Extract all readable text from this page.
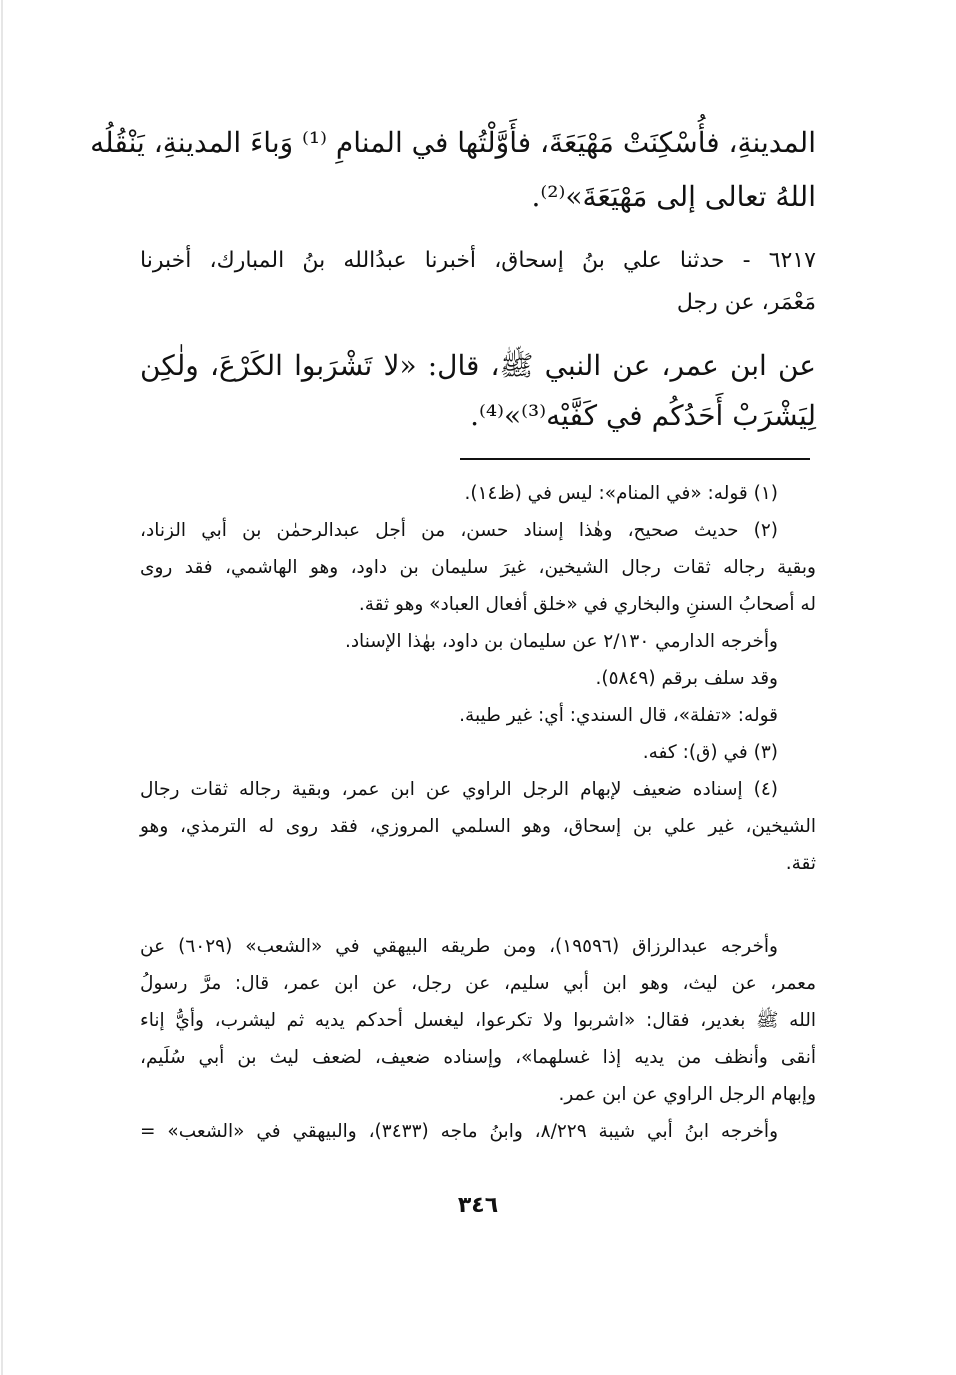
المدينةِ، فأُسْكِنَتْ مَهْيَعَةَ، فأَوَّلْتُها في المنامِ ⁽¹⁾ وَباءَ المدينةِ، يَنْقُلُه
اللهُ تعالى إلى مَهْيَعَةَ»⁽²⁾.
٦٢١٧ - حدثنا علي بنُ إسحاق، أخبرنا عبدُالله بنُ المبارك، أخبرنا
مَعْمَر، عن رجل
عن ابن عمر، عن النبي ﷺ، قال: «لا تَشْرَبوا الكَرْعَ، ولٰكِن
لِيَشْرَبْ أَحَدُكُم في كَفَّيْه⁽³⁾»⁽⁴⁾.
(١) قوله: «في المنام»: ليس في (ظ١٤).
(٢) حديث صحيح، وهٰذا إسناد حسن، من أجل عبدالرحمٰن بن أبي الزناد،
وبقية رجاله ثقات رجال الشيخين، غيرَ سليمان بن داود، وهو الهاشمي، فقد روى
له أصحابُ السننِ والبخاري في «خلق أفعال العباد» وهو ثقة.
وأخرجه الدارمي ٢/١٣٠ عن سليمان بن داود، بهٰذا الإسناد.
وقد سلف برقم (٥٨٤٩).
قوله: «تفلة»، قال السندي: أي: غير طيبة.
(٣) في (ق): كفه.
(٤) إسناده ضعيف لإبهام الرجل الراوي عن ابن عمر، وبقية رجاله ثقات رجال
الشيخين، غير علي بن إسحاق، وهو السلمي المروزي، فقد روى له الترمذي، وهو
ثقة.
وأخرجه عبدالرزاق (١٩٥٩٦)، ومن طريقه البيهقي في «الشعب» (٦٠٢٩) عن
معمر، عن ليث، وهو ابن أبي سليم، عن رجل، عن ابن عمر، قال: مرَّ رسولُ
الله ﷺ بغدير، فقال: «اشربوا ولا تكرعوا، ليغسل أحدكم يديه ثم ليشرب، وأيُّ إناء
أنقى وأنظف من يديه إذا غسلهما»، وإسناده ضعيف، لضعف ليث بن أبي سُلَيم،
وإبهام الرجل الراوي عن ابن عمر.
وأخرجه ابنُ أبي شيبة ٨/٢٢٩، وابنُ ماجه (٣٤٣٣)، والبيهقي في «الشعب» =
٣٤٦
